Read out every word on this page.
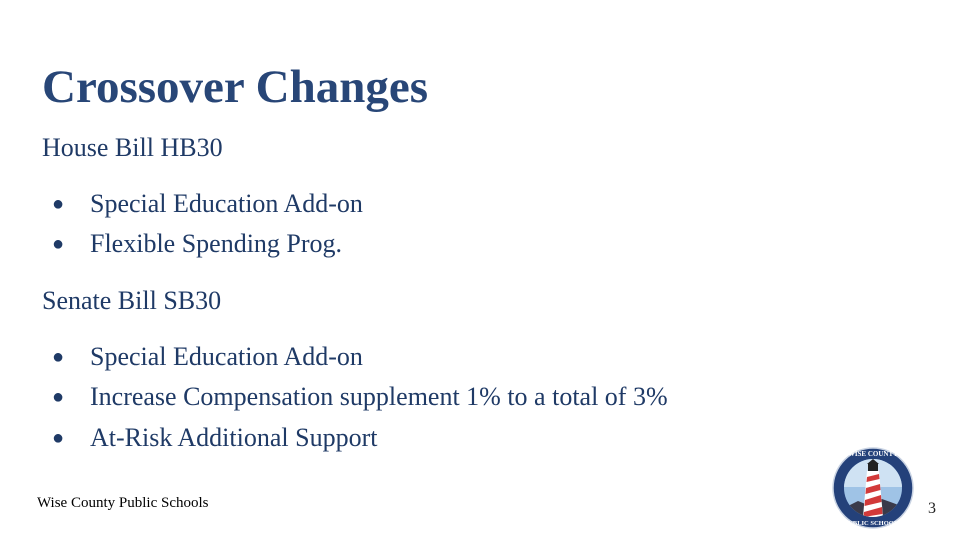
Crossover Changes
House Bill HB30
● Special Education Add-on
● Flexible Spending Prog.
Senate Bill SB30
● Special Education Add-on
● Increase Compensation supplement 1% to a total of 3%
● At-Risk Additional Support
Wise County Public Schools	3
WISE COUNTY
PUBLIC SCHOOLS
